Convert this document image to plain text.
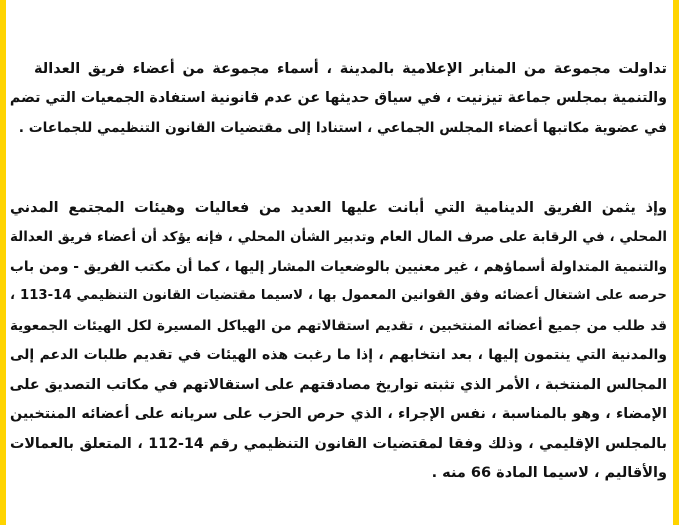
تداولت مجموعة من المنابر الإعلامية بالمدينة ، أسماء مجموعة من أعضاء فريق العدالة
والتنمية بمجلس جماعة تيزنيت ، في سياق حديثها عن عدم قانونية استفادة الجمعيات التي تضم
في عضوية مكاتبها أعضاء المجلس الجماعي ، استنادا إلى مقتضيات القانون التنظيمي للجماعات .
وإذ يثمن الفريق الدينامية التي أبانت عليها العديد من فعاليات وهيئات المجتمع المدني
المحلي ، في الرقابة على صرف المال العام وتدبير الشأن المحلي ، فإنه يؤكد أن أعضاء فريق العدالة
والتنمية المتداولة أسماؤهم ، غير معنيين بالوضعيات المشار إليها ، كما أن مكتب الفريق - ومن باب
حرصه على اشتغال أعضائه وفق القوانين المعمول بها ، لاسيما مقتضيات القانون التنظيمي 14-113 ،
قد طلب من جميع أعضائه المنتخبين ، تقديم استقالاتهم من الهياكل المسيرة لكل الهيئات الجمعوية
والمدنية التي ينتمون إليها ، بعد انتخابهم ، إذا ما رغبت هذه الهيئات في تقديم طلبات الدعم إلى
المجالس المنتخبة ، الأمر الذي تثبته تواريخ مصادقتهم على استقالاتهم في مكاتب التصديق على
الإمضاء ، وهو بالمناسبة ، نفس الإجراء ، الذي حرص الحزب على سريانه على أعضائه المنتخبين
بالمجلس الإقليمي ، وذلك وفقا لمقتضيات القانون التنظيمي رقم 14-112 ، المتعلق بالعمالات
والأقاليم ، لاسيما المادة 66 منه .
